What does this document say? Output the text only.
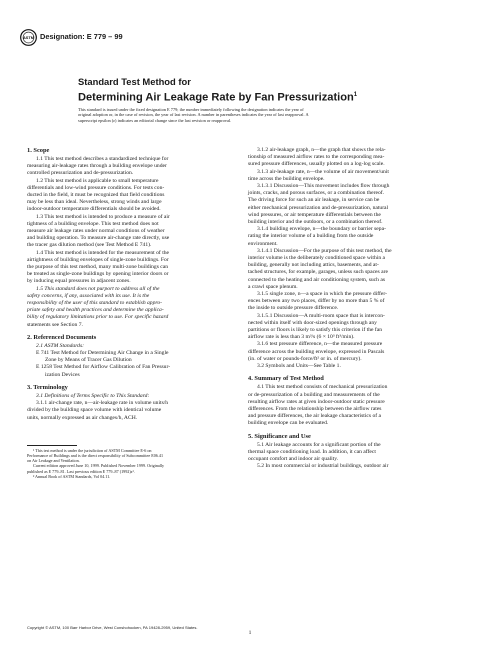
ASTM Designation: E 779 – 99
Standard Test Method for
Determining Air Leakage Rate by Fan Pressurization$^1$
This standard is issued under the fixed designation E 779; the number immediately following the designation indicates the year of
original adoption or, in the case of revision, the year of last revision. A number in parentheses indicates the year of last reapproval. A
superscript epsilon (ε) indicates an editorial change since the last revision or reapproval.
1. Scope

1.1 This test method describes a standardized technique for

measuring air-leakage rates through a building envelope under

controlled pressurization and de-pressurization.

1.2 This test method is applicable to small temperature

differentials and low-wind pressure conditions. For tests con-

ducted in the field, it must be recognized that field conditions

may be less than ideal. Nevertheless, strong winds and large

indoor-outdoor temperature differentials should be avoided.

1.3 This test method is intended to produce a measure of air

tightness of a building envelope. This test method does not

measure air leakage rates under normal conditions of weather

and building operation. To measure air-change rate directly, use

the tracer gas dilution method (see Test Method E 741).

1.4 This test method is intended for the measurement of the

airtightness of building envelopes of single-zone buildings. For

the purpose of this test method, many multi-zone buildings can

be treated as single-zone buildings by opening interior doors or

by inducing equal pressures in adjacent zones.

1.5 This standard does not purport to address all of the

safety concerns, if any, associated with its use. It is the

responsibility of the user of this standard to establish appro-

priate safety and health practices and determine the applica-

bility of regulatory limitations prior to use. For specific hazard

statements see Section 7.

2. Referenced Documents

2.1 ASTM Standards:

E 741 Test Method for Determining Air Change in a Single

Zone by Means of Tracer Gas Dilution

E 1258 Test Method for Airflow Calibration of Fan Pressur-

ization Devices

3. Terminology

3.1 Definitions of Terms Specific to This Standard:

3.1.1 air-change rate, n—air-leakage rate in volume units/h

divided by the building space volume with identical volume

units, normally expressed as air changes/h, ACH.

¹ This test method is under the jurisdiction of ASTM Committee E-6 on

Performance of Buildings and is the direct responsibility of Subcommittee E06.41

on Air Leakage and Ventilation.

Current edition approved June 10, 1999. Published November 1999. Originally

published as E 779–81. Last previous edition E 779–87 (1992)ε¹.

² Annual Book of ASTM Standards, Vol 04.11.

3.1.2 air-leakage graph, n—the graph that shows the rela-

tionship of measured airflow rates to the corresponding mea-

sured pressure differences, usually plotted on a log-log scale.

3.1.3 air-leakage rate, n—the volume of air movement/unit

time across the building envelope.

3.1.3.1 Discussion—This movement includes flow through

joints, cracks, and porous surfaces, or a combination thereof.

The driving force for such an air leakage, in service can be

either mechanical pressurization and de-pressurization, natural

wind pressures, or air temperature differentials between the

building interior and the outdoors, or a combination thereof.

3.1.4 building envelope, n—the boundary or barrier sepa-

rating the interior volume of a building from the outside

environment.

3.1.4.1 Discussion—For the purpose of this test method, the

interior volume is the deliberately conditioned space within a

building, generally not including attics, basements, and at-

tached structures, for example, garages, unless such spaces are

connected to the heating and air conditioning system, such as

a crawl space plenum.

3.1.5 single zone, n—a space in which the pressure differ-

ences between any two places, differ by no more than 5 % of

the inside to outside pressure difference.

3.1.5.1 Discussion—A multi-room space that is intercon-

nected within itself with door-sized openings through any

partitions or floors is likely to satisfy this criterion if the fan

airflow rate is less than 3 m³/s (6 × 10³ ft³/min).

3.1.6 test pressure difference, n—the measured pressure

difference across the building envelope, expressed in Pascals

(in. of water or pounds-force/ft² or in. of mercury).

3.2 Symbols and Units—See Table 1.

4. Summary of Test Method

4.1 This test method consists of mechanical pressurization

or de-pressurization of a building and measurements of the

resulting airflow rates at given indoor-outdoor static pressure

differences. From the relationship between the airflow rates

and pressure differences, the air leakage characteristics of a

building envelope can be evaluated.

5. Significance and Use

5.1 Air leakage accounts for a significant portion of the

thermal space conditioning load. In addition, it can affect

occupant comfort and indoor air quality.

5.2 In most commercial or industrial buildings, outdoor air

Copyright © ASTM, 100 Barr Harbor Drive, West Conshohocken, PA 19428-2959, United States.
1
